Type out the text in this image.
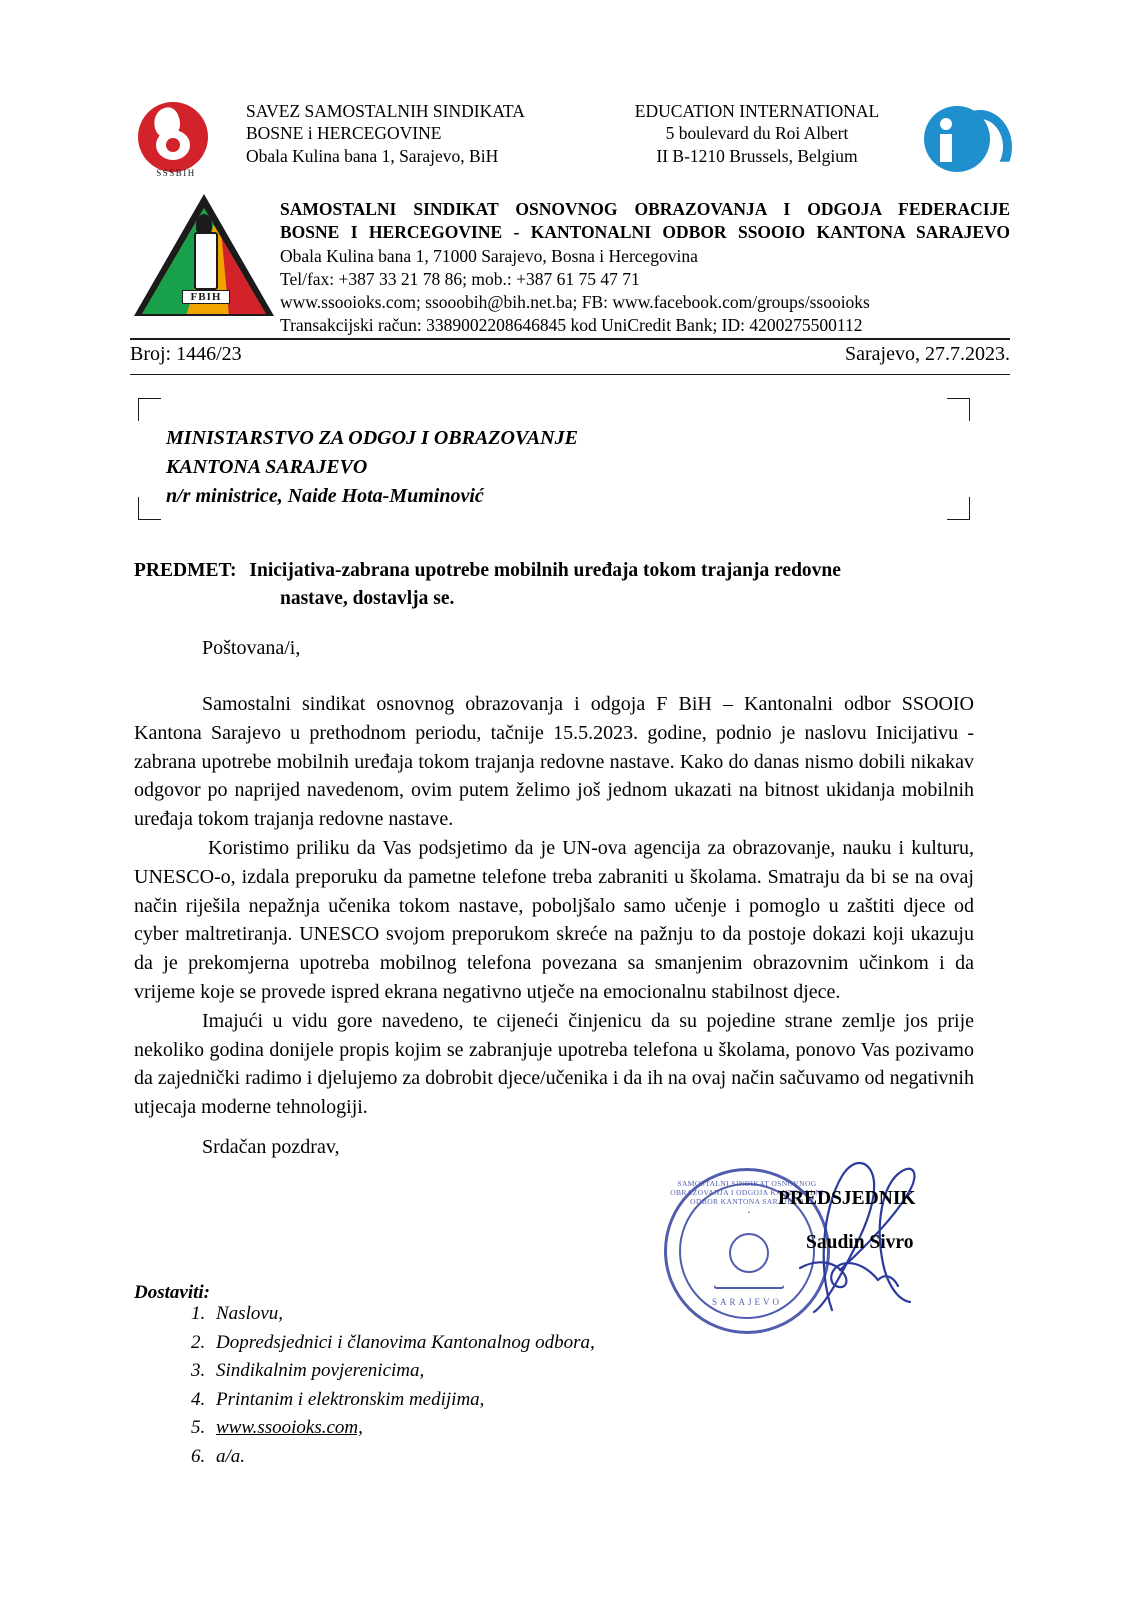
SSSBIH
SAVEZ SAMOSTALNIH SINDIKATA
BOSNE i HERCEGOVINE
Obala Kulina bana 1, Sarajevo, BiH
EDUCATION INTERNATIONAL
5 boulevard du Roi Albert
II B-1210 Brussels, Belgium
FBIH
SAMOSTALNI SINDIKAT OSNOVNOG OBRAZOVANJA I ODGOJA FEDERACIJE
BOSNE I HERCEGOVINE - KANTONALNI ODBOR SSOOIO KANTONA SARAJEVO
Obala Kulina bana 1, 71000 Sarajevo, Bosna i Hercegovina
Tel/fax: +387 33 21 78 86; mob.: +387 61 75 47 71
www.ssooioks.com; ssooobih@bih.net.ba; FB: www.facebook.com/groups/ssooioks
Transakcijski račun: 3389002208646845 kod UniCredit Bank; ID: 4200275500112
Broj: 1446/23	Sarajevo, 27.7.2023.
MINISTARSTVO ZA ODGOJ I OBRAZOVANJE
KANTONA SARAJEVO
n/r ministrice, Naide Hota-Muminović
PREDMET: Inicijativa-zabrana upotrebe mobilnih uređaja tokom trajanja redovne
nastave, dostavlja se.
Poštovana/i,

Samostalni sindikat osnovnog obrazovanja i odgoja F BiH – Kantonalni odbor SSOOIO Kantona Sarajevo u prethodnom periodu, tačnije 15.5.2023. godine, podnio je naslovu Inicijativu - zabrana upotrebe mobilnih uređaja tokom trajanja redovne nastave. Kako do danas nismo dobili nikakav odgovor po naprijed navedenom, ovim putem želimo još jednom ukazati na bitnost ukidanja mobilnih uređaja tokom trajanja redovne nastave.

Koristimo priliku da Vas podsjetimo da je UN-ova agencija za obrazovanje, nauku i kulturu, UNESCO-o, izdala preporuku da pametne telefone treba zabraniti u školama. Smatraju da bi se na ovaj način riješila nepažnja učenika tokom nastave, poboljšalo samo učenje i pomoglo u zaštiti djece od cyber maltretiranja. UNESCO svojom preporukom skreće na pažnju to da postoje dokazi koji ukazuju da je prekomjerna upotreba mobilnog telefona povezana sa smanjenim obrazovnim učinkom i da vrijeme koje se provede ispred ekrana negativno utječe na emocionalnu stabilnost djece.

Imajući u vidu gore navedeno, te cijeneći činjenicu da su pojedine strane zemlje jos prije nekoliko godina donijele propis kojim se zabranjuje upotreba telefona u školama, ponovo Vas pozivamo da zajednički radimo i djelujemo za dobrobit djece/učenika i da ih na ovaj način sačuvamo od negativnih utjecaja moderne tehnologiji.

Srdačan pozdrav,
SAMOSTALNI SINDIKAT OSNOVNOG OBRAZOVANJA I ODGOJA KANTONALNI ODBOR KANTONA SARAJEVO
SARAJEVO
PREDSJEDNIK
Saudin Sivro
Dostaviti:
1. Naslovu,
2. Dopredsjednici i članovima Kantonalnog odbora,
3. Sindikalnim povjerenicima,
4. Printanim i elektronskim medijima,
5. www.ssooioks.com,
6. a/a.
